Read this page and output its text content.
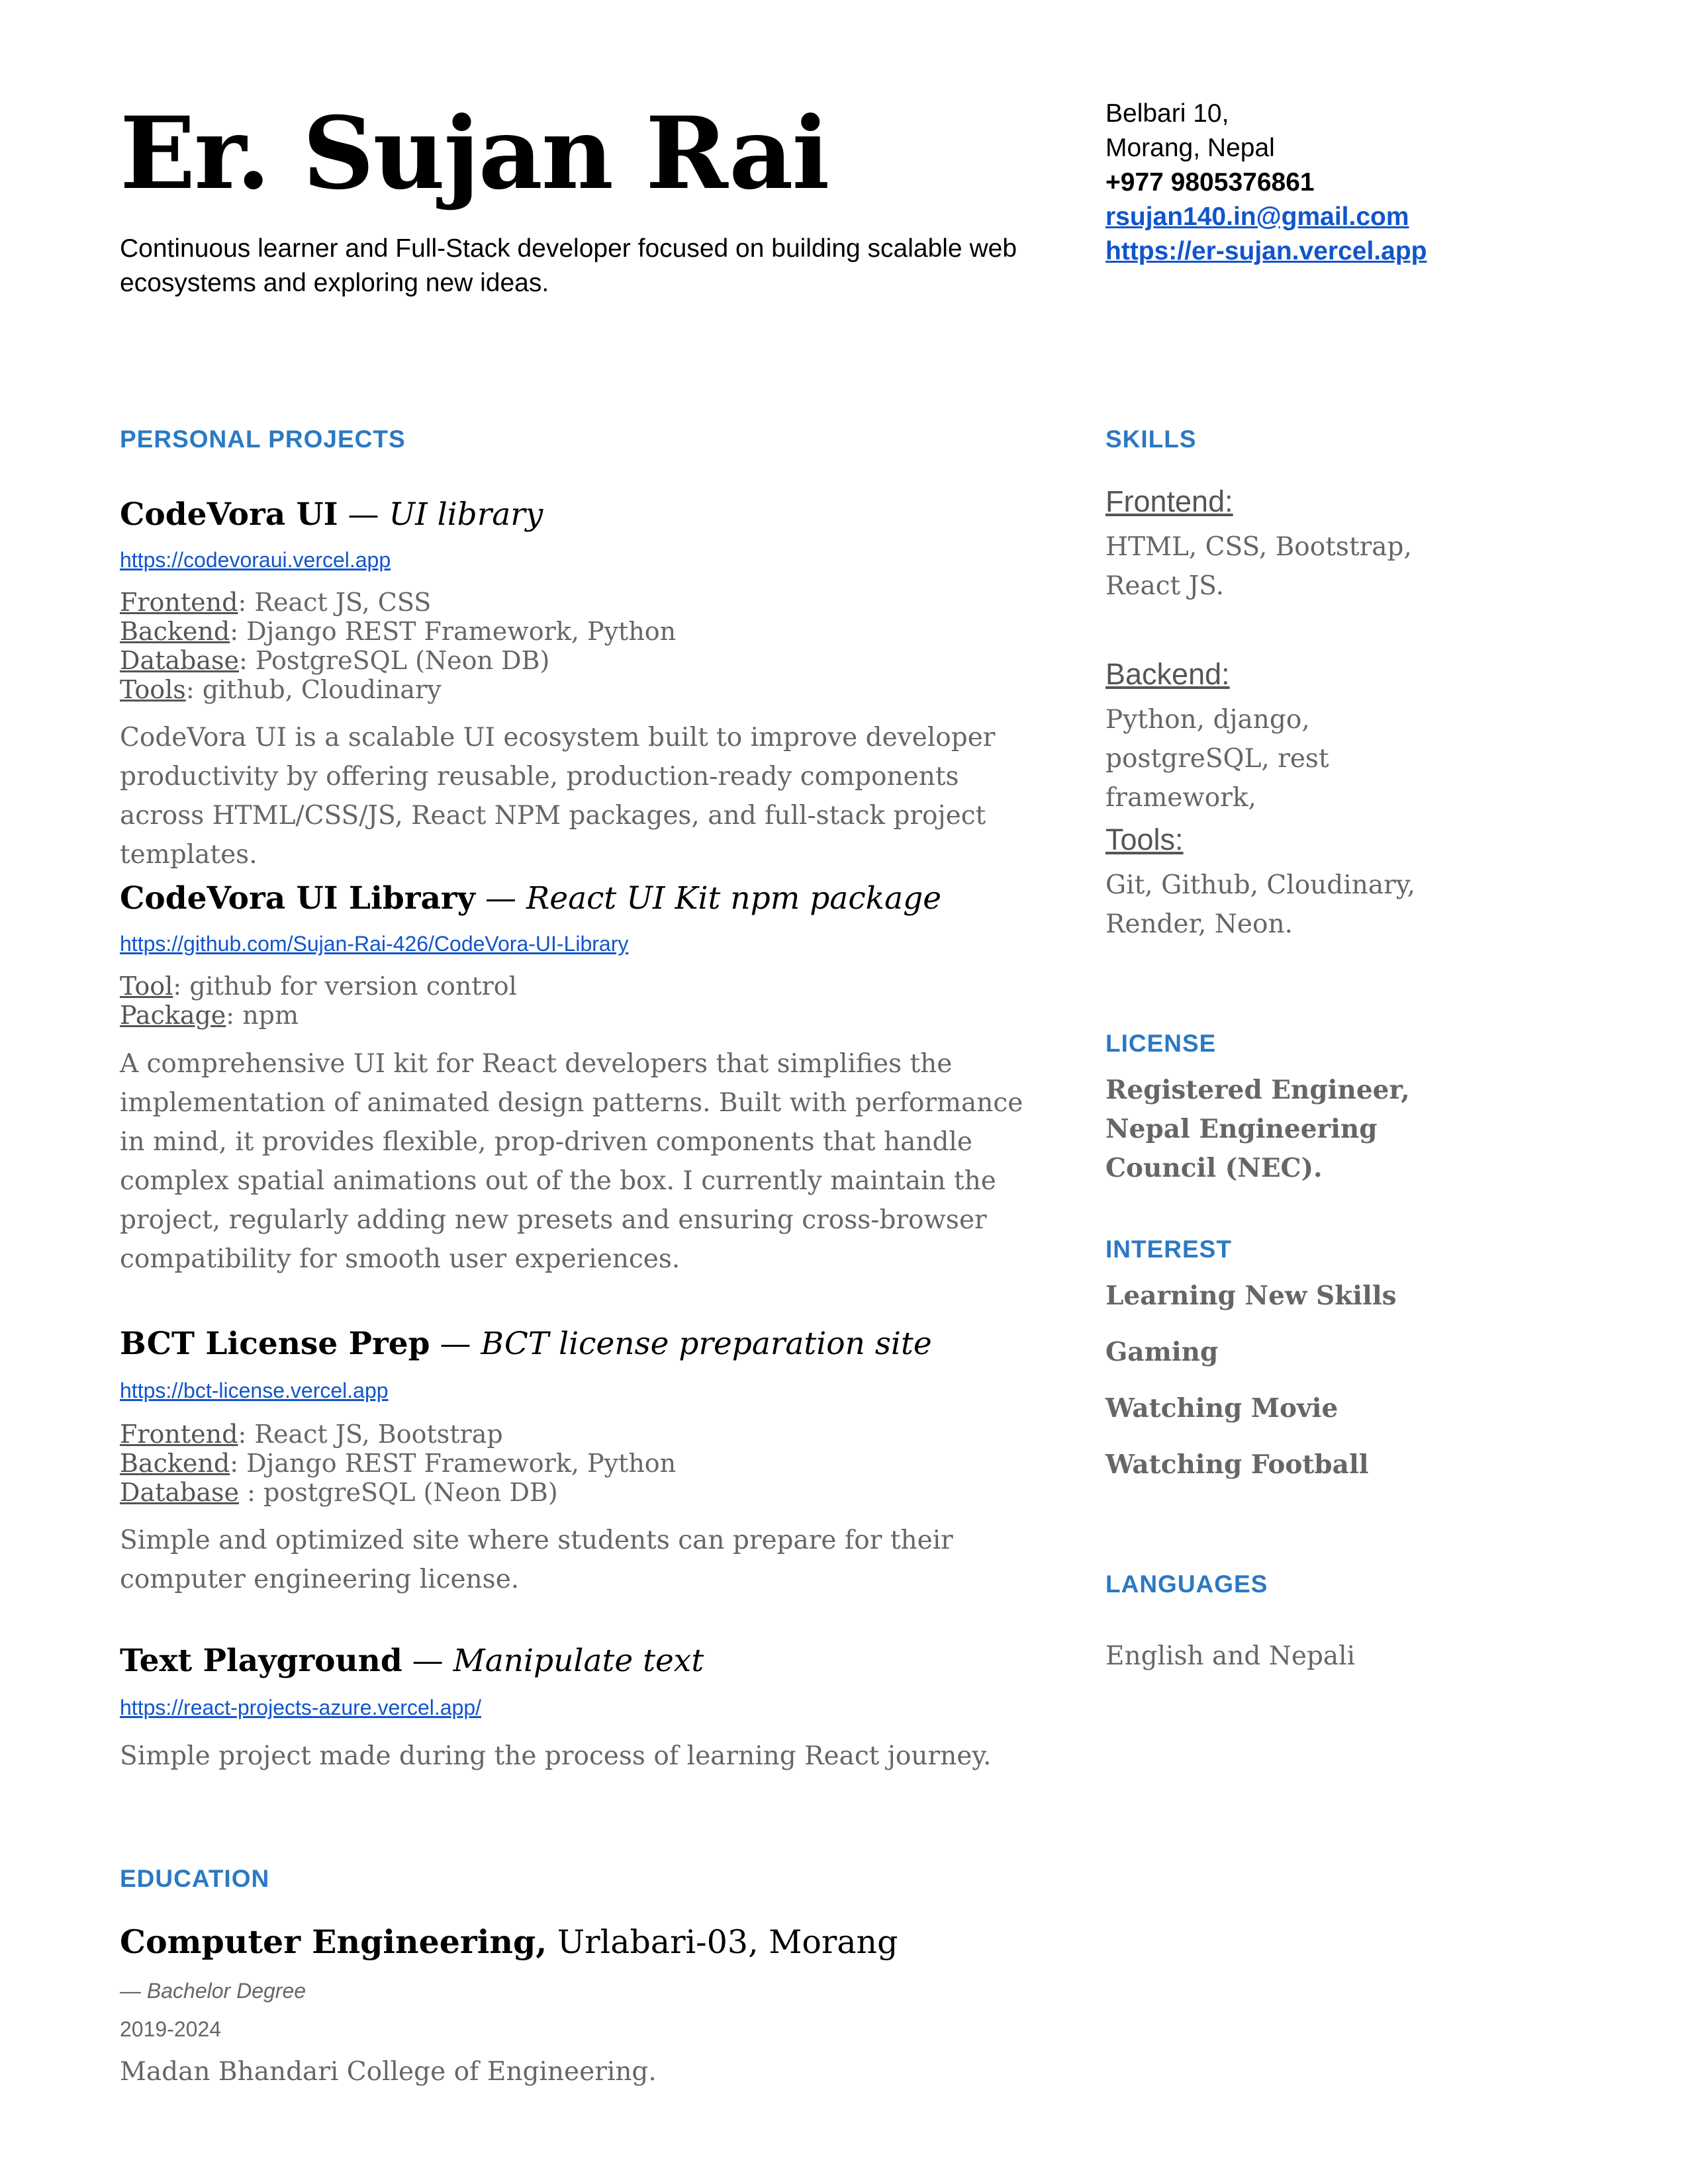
Er. Sujan Rai
Continuous learner and Full-Stack developer focused on building scalable web ecosystems and exploring new ideas.
Belbari 10,
Morang, Nepal
+977 9805376861
rsujan140.in@gmail.com
https://er-sujan.vercel.app
PERSONAL PROJECTS
CodeVora UI — UI library
https://codevoraui.vercel.app
Frontend: React JS, CSS
Backend: Django REST Framework, Python
Database: PostgreSQL (Neon DB)
Tools: github, Cloudinary
CodeVora UI is a scalable UI ecosystem built to improve developer productivity by offering reusable, production-ready components across HTML/CSS/JS, React NPM packages, and full-stack project templates.
CodeVora UI Library — React UI Kit npm package
https://github.com/Sujan-Rai-426/CodeVora-UI-Library
Tool: github for version control
Package: npm
A comprehensive UI kit for React developers that simplifies the implementation of animated design patterns. Built with performance in mind, it provides flexible, prop-driven components that handle complex spatial animations out of the box. I currently maintain the project, regularly adding new presets and ensuring cross-browser compatibility for smooth user experiences.
BCT License Prep — BCT license preparation site
https://bct-license.vercel.app
Frontend: React JS, Bootstrap
Backend: Django REST Framework, Python
Database : postgreSQL (Neon DB)
Simple and optimized site where students can prepare for their computer engineering license.
Text Playground — Manipulate text
https://react-projects-azure.vercel.app/
Simple project made during the process of learning React journey.
EDUCATION
Computer Engineering, Urlabari-03, Morang
— Bachelor Degree
2019-2024
Madan Bhandari College of Engineering.
SKILLS
Frontend:
HTML, CSS, Bootstrap, React JS.
Backend:
Python, django, postgreSQL, rest framework,
Tools:
Git, Github, Cloudinary, Render, Neon.
LICENSE
Registered Engineer, Nepal Engineering Council (NEC).
INTEREST
Learning New Skills
Gaming
Watching Movie
Watching Football
LANGUAGES
English and Nepali
